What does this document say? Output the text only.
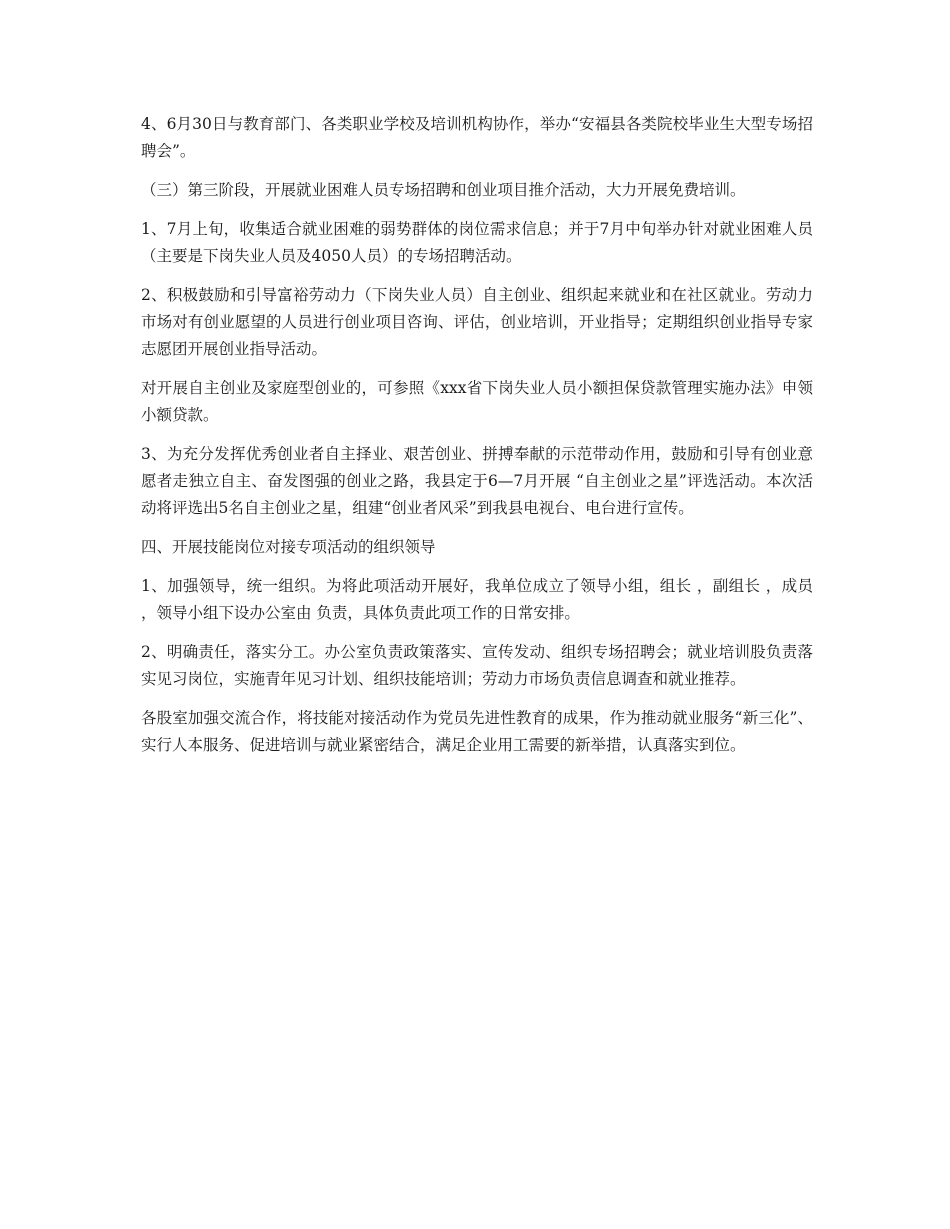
4、6月30日与教育部门、各类职业学校及培训机构协作，举办“安福县各类院校毕业生大型专场招聘会”。

（三）第三阶段，开展就业困难人员专场招聘和创业项目推介活动，大力开展免费培训。

1、7月上旬，收集适合就业困难的弱势群体的岗位需求信息；并于7月中旬举办针对就业困难人员（主要是下岗失业人员及4050人员）的专场招聘活动。

2、积极鼓励和引导富裕劳动力（下岗失业人员）自主创业、组织起来就业和在社区就业。劳动力市场对有创业愿望的人员进行创业项目咨询、评估，创业培训，开业指导；定期组织创业指导专家志愿团开展创业指导活动。

对开展自主创业及家庭型创业的，可参照《xxx省下岗失业人员小额担保贷款管理实施办法》申领小额贷款。

3、为充分发挥优秀创业者自主择业、艰苦创业、拼搏奉献的示范带动作用，鼓励和引导有创业意愿者走独立自主、奋发图强的创业之路，我县定于6—7月开展 “自主创业之星”评选活动。本次活动将评选出5名自主创业之星，组建“创业者风采”到我县电视台、电台进行宣传。

四、开展技能岗位对接专项活动的组织领导

1、加强领导，统一组织。为将此项活动开展好，我单位成立了领导小组，组长 ，副组长 ，成员 ，领导小组下设办公室由 负责，具体负责此项工作的日常安排。

2、明确责任，落实分工。办公室负责政策落实、宣传发动、组织专场招聘会；就业培训股负责落实见习岗位，实施青年见习计划、组织技能培训；劳动力市场负责信息调查和就业推荐。

各股室加强交流合作，将技能对接活动作为党员先进性教育的成果，作为推动就业服务“新三化”、实行人本服务、促进培训与就业紧密结合，满足企业用工需要的新举措，认真落实到位。
